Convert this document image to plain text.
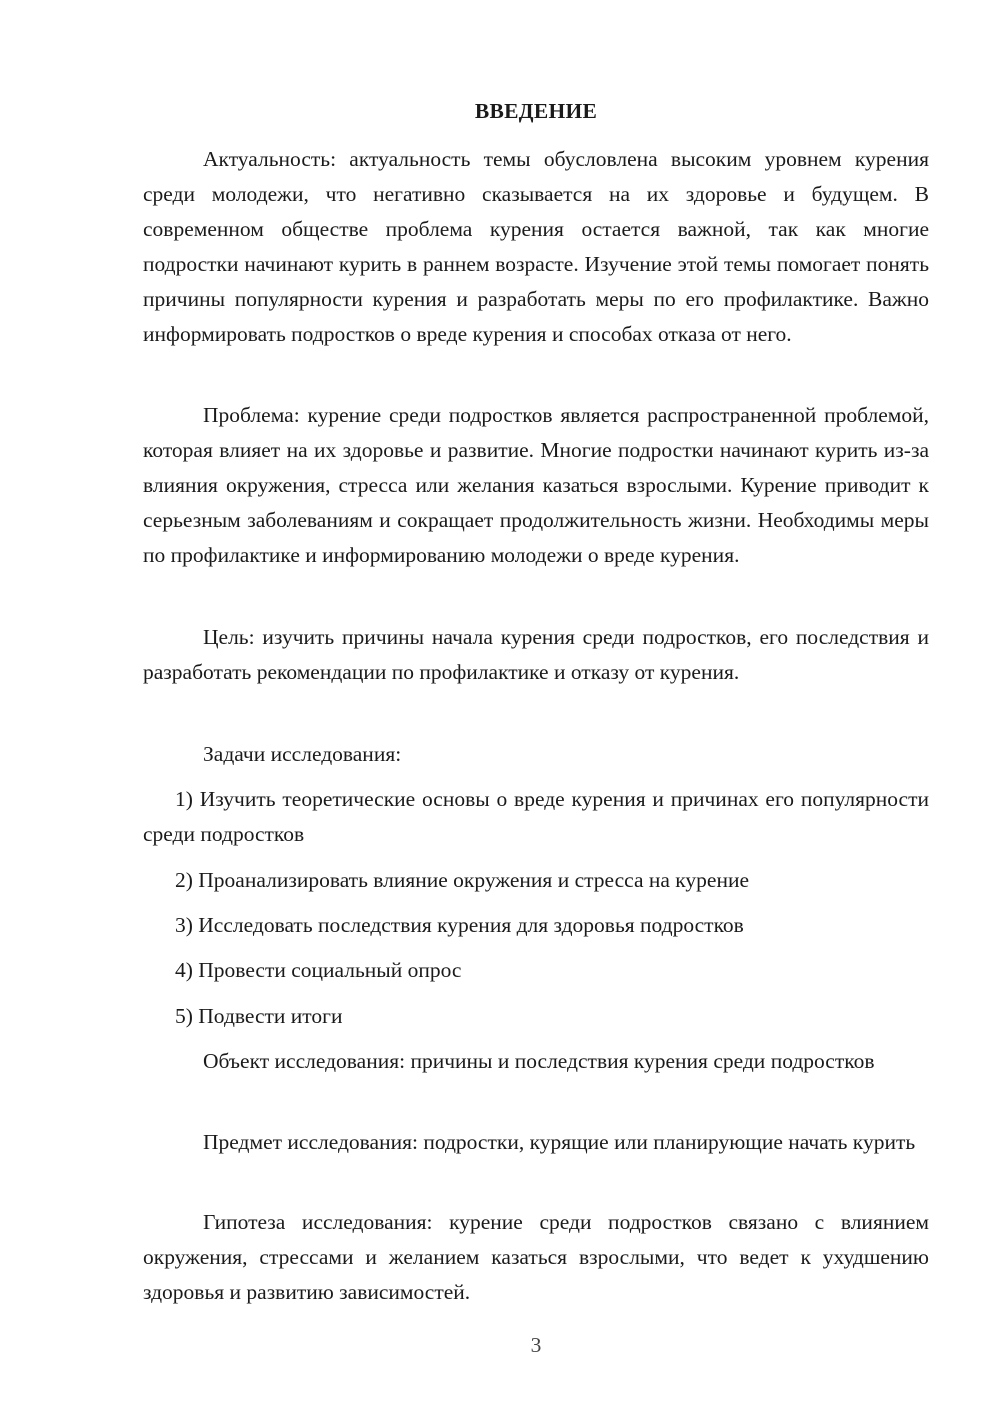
ВВЕДЕНИЕ

Актуальность: актуальность темы обусловлена высоким уровнем курения среди молодежи, что негативно сказывается на их здоровье и будущем. В современном обществе проблема курения остается важной, так как многие подростки начинают курить в раннем возрасте. Изучение этой темы помогает понять причины популярности курения и разработать меры по его профилактике. Важно информировать подростков о вреде курения и способах отказа от него.

Проблема: курение среди подростков является распространенной проблемой, которая влияет на их здоровье и развитие. Многие подростки начинают курить из-за влияния окружения, стресса или желания казаться взрослыми. Курение приводит к серьезным заболеваниям и сокращает продолжительность жизни. Необходимы меры по профилактике и информированию молодежи о вреде курения.

Цель: изучить причины начала курения среди подростков, его последствия и разработать рекомендации по профилактике и отказу от курения.

Задачи исследования:

1) Изучить теоретические основы о вреде курения и причинах его популярности среди подростков

2) Проанализировать влияние окружения и стресса на курение

3) Исследовать последствия курения для здоровья подростков

4) Провести социальный опрос

5) Подвести итоги

Объект исследования: причины и последствия курения среди подростков

Предмет исследования: подростки, курящие или планирующие начать курить

Гипотеза исследования: курение среди подростков связано с влиянием окружения, стрессами и желанием казаться взрослыми, что ведет к ухудшению здоровья и развитию зависимостей.

3
